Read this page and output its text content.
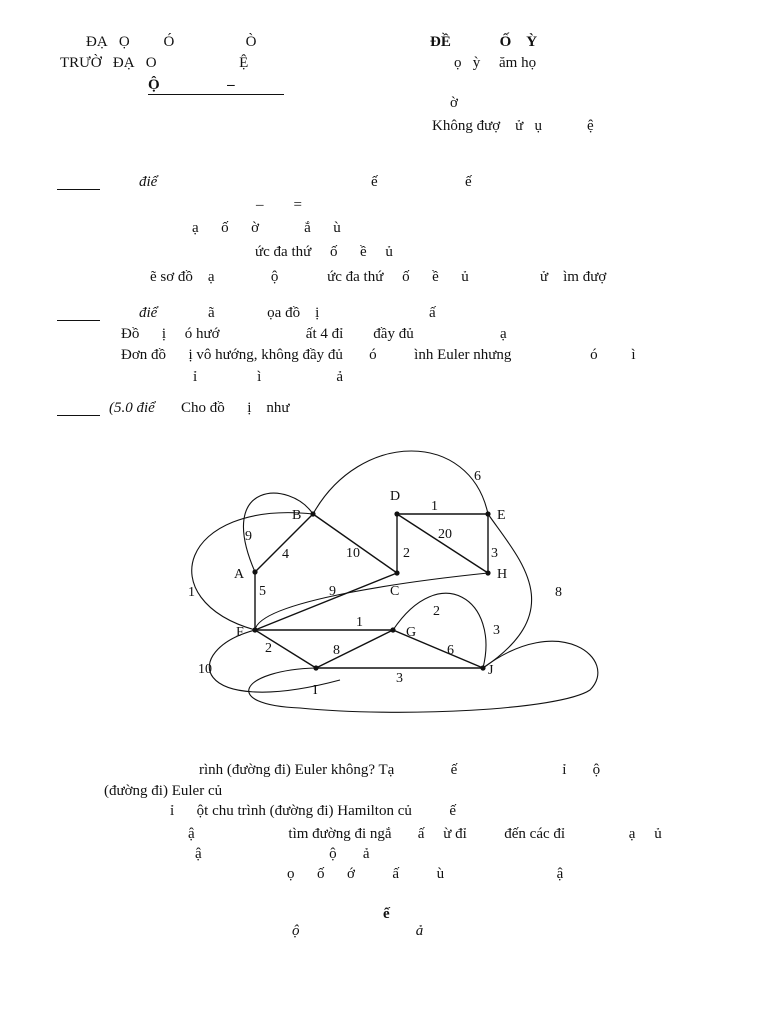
ĐẠ   Ọ         Ó                   Ò
TRƯỜ   ĐẠ   O                      Ệ
Ộ                  –
ĐỀ             Ố    Ỳ
ọ   ỳ     ăm họ
ờ
Không đượ    ử   ụ            ệ
điể	ế	ế
–        =
ạ      ố      ờ            ắ      ù
ức đa thứ     ố      ề     ủ
ẽ sơ đồ    ạ               ộ             ức đa thứ     ố      ề      ủ                   ử    ìm đượ
điể	ã              ọa đồ    ị	ấ
Đồ      ị     ó hướ                       ất 4 đỉ        đầy đủ                       ạ
Đơn đồ      ị vô hướng, không đầy đủ       ó          ình Euler nhưng                     ó         ì
ỉ                ì                    ả
(5.0 điể Cho đồ      ị    như
D
E
B
A
C
H
F	G
I
J
1
20
3
9
4	10	2
5	9
2
1
8	6
3
8
1
6
10
3
2
rình (đường đi) Euler không? Tạ               ế                            ỉ       ộ
(đường đi) Euler củ
ỉ      ột chu trình (đường đi) Hamilton củ          ế
ậ                         tìm đường đi ngắ       ấ     ừ đỉ          đến các đỉ                 ạ     ủ
ậ                                  ộ       ả
ọ      ố      ớ          ấ          ù                              ậ
ế
ộ                               ả
